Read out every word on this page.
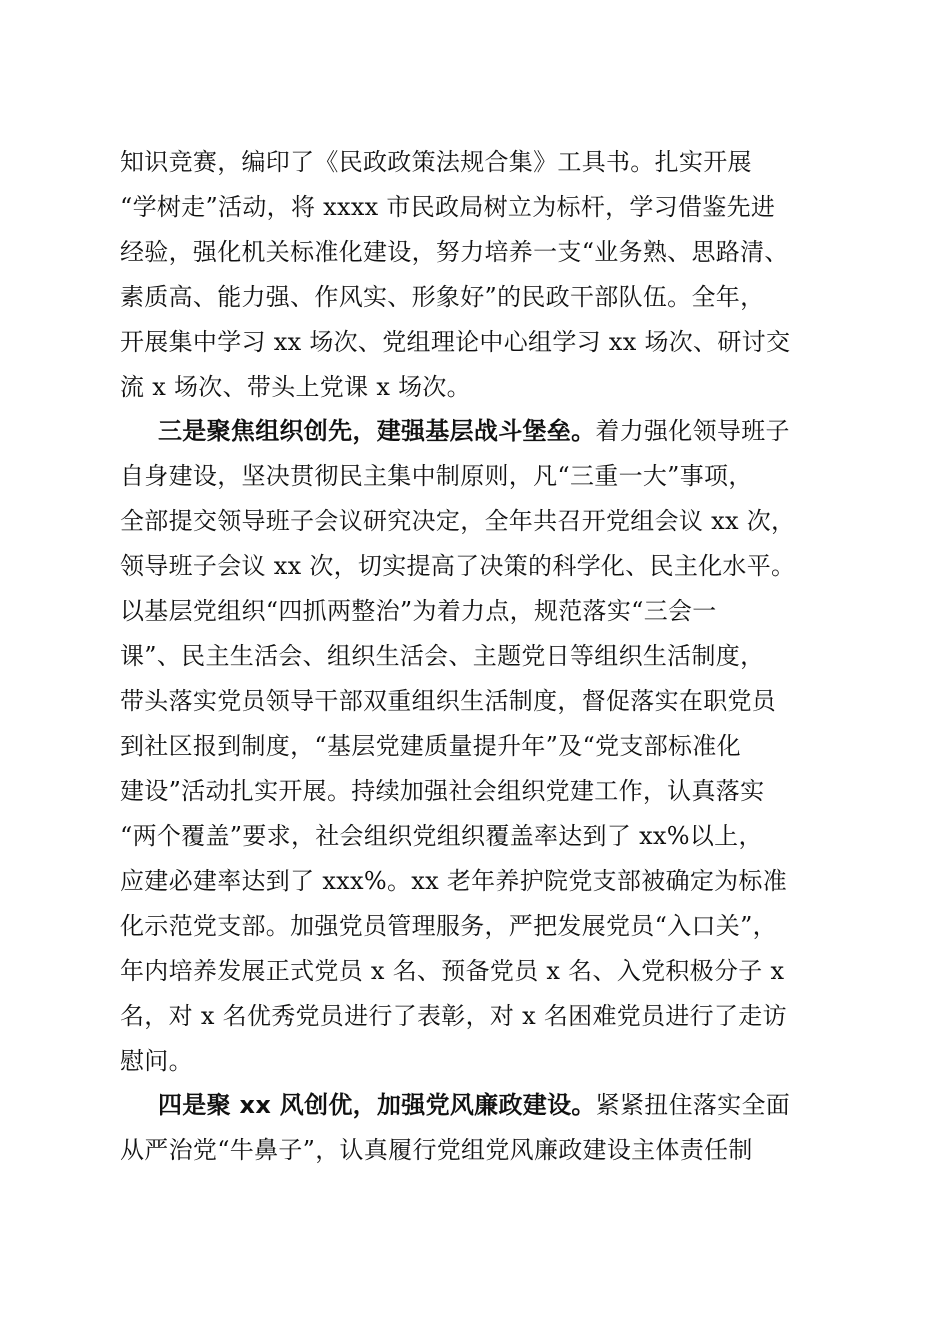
知识竞赛，编印了《民政政策法规合集》工具书。扎实开展
“学树走”活动，将 xxxx 市民政局树立为标杆，学习借鉴先进
经验，强化机关标准化建设，努力培养一支“业务熟、思路清、
素质高、能力强、作风实、形象好”的民政干部队伍。全年，
开展集中学习 xx 场次、党组理论中心组学习 xx 场次、研讨交
流 x 场次、带头上党课 x 场次。
三是聚焦组织创先，建强基层战斗堡垒。着力强化领导班子
自身建设，坚决贯彻民主集中制原则，凡“三重一大”事项，
全部提交领导班子会议研究决定，全年共召开党组会议 xx 次，
领导班子会议 xx 次，切实提高了决策的科学化、民主化水平。
以基层党组织“四抓两整治”为着力点，规范落实“三会一
课”、民主生活会、组织生活会、主题党日等组织生活制度，
带头落实党员领导干部双重组织生活制度，督促落实在职党员
到社区报到制度，“基层党建质量提升年”及“党支部标准化
建设”活动扎实开展。持续加强社会组织党建工作，认真落实
“两个覆盖”要求，社会组织党组织覆盖率达到了 xx%以上，
应建必建率达到了 xxx%。xx 老年养护院党支部被确定为标准
化示范党支部。加强党员管理服务，严把发展党员“入口关”，
年内培养发展正式党员 x 名、预备党员 x 名、入党积极分子 x
名，对 x 名优秀党员进行了表彰，对 x 名困难党员进行了走访
慰问。
四是聚 xx 风创优，加强党风廉政建设。紧紧扭住落实全面
从严治党“牛鼻子”，认真履行党组党风廉政建设主体责任制
